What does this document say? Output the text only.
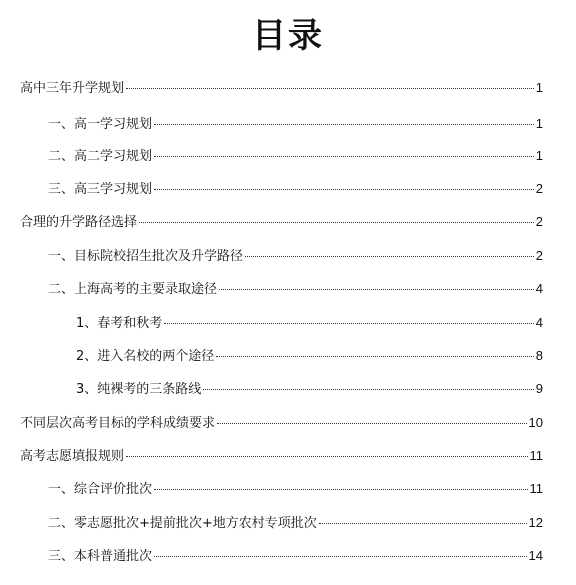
目录
高中三年升学规划	1
一、高一学习规划	1
二、高二学习规划	1
三、高三学习规划	2
合理的升学路径选择	2
一、目标院校招生批次及升学路径	2
二、上海高考的主要录取途径	4
1、春考和秋考	4
2、进入名校的两个途径	8
3、纯裸考的三条路线	9
不同层次高考目标的学科成绩要求	10
高考志愿填报规则	11
一、综合评价批次	11
二、零志愿批次+提前批次+地方农村专项批次	12
三、本科普通批次	14
